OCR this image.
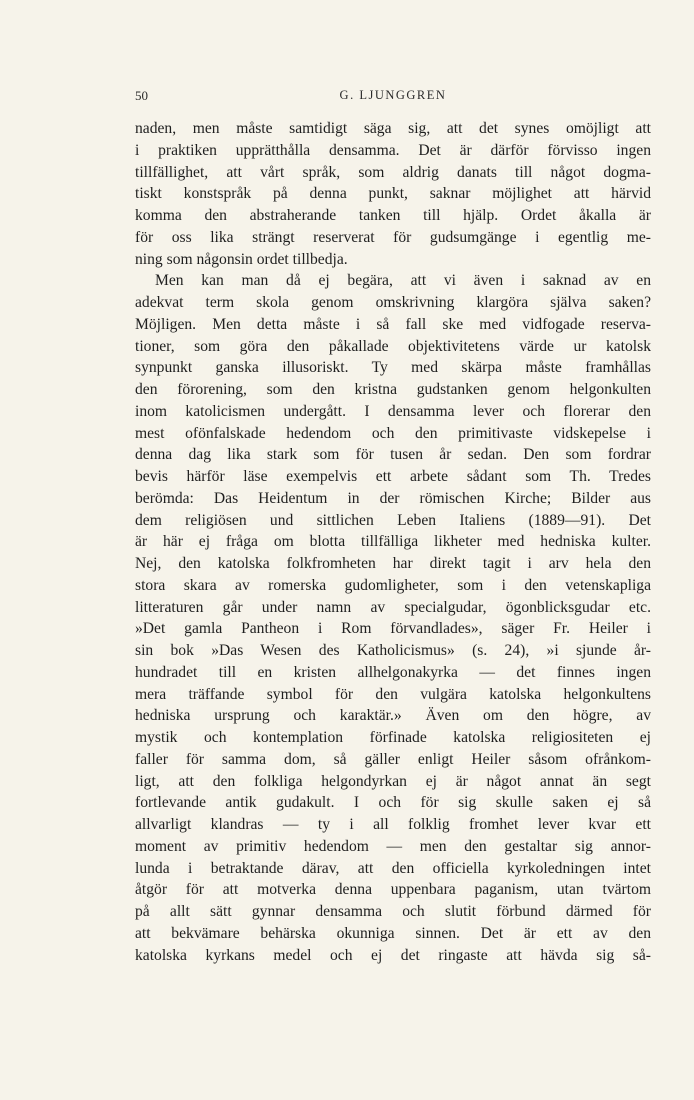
50	G. LJUNGGREN
naden, men måste samtidigt säga sig, att det synes omöjligt att
i praktiken upprätthålla densamma. Det är därför förvisso ingen
tillfällighet, att vårt språk, som aldrig danats till något dogma-
tiskt konstspråk på denna punkt, saknar möjlighet att härvid
komma den abstraherande tanken till hjälp. Ordet åkalla är
för oss lika strängt reserverat för gudsumgänge i egentlig me-
ning som någonsin ordet tillbedja.
Men kan man då ej begära, att vi även i saknad av en
adekvat term skola genom omskrivning klargöra själva saken?
Möjligen. Men detta måste i så fall ske med vidfogade reserva-
tioner, som göra den påkallade objektivitetens värde ur katolsk
synpunkt ganska illusoriskt. Ty med skärpa måste framhållas
den förorening, som den kristna gudstanken genom helgonkulten
inom katolicismen undergått. I densamma lever och florerar den
mest ofönfalskade hedendom och den primitivaste vidskepelse i
denna dag lika stark som för tusen år sedan. Den som fordrar
bevis härför läse exempelvis ett arbete sådant som Th. Tredes
berömda: Das Heidentum in der römischen Kirche; Bilder aus
dem religiösen und sittlichen Leben Italiens (1889—91). Det
är här ej fråga om blotta tillfälliga likheter med hedniska kulter.
Nej, den katolska folkfromheten har direkt tagit i arv hela den
stora skara av romerska gudomligheter, som i den vetenskapliga
litteraturen går under namn av specialgudar, ögonblicksgudar etc.
»Det gamla Pantheon i Rom förvandlades», säger Fr. Heiler i
sin bok »Das Wesen des Katholicismus» (s. 24), »i sjunde år-
hundradet till en kristen allhelgonakyrka — det finnes ingen
mera träffande symbol för den vulgära katolska helgonkultens
hedniska ursprung och karaktär.» Även om den högre, av
mystik och kontemplation förfinade katolska religiositeten ej
faller för samma dom, så gäller enligt Heiler såsom ofrånkom-
ligt, att den folkliga helgondyrkan ej är något annat än segt
fortlevande antik gudakult. I och för sig skulle saken ej så
allvarligt klandras — ty i all folklig fromhet lever kvar ett
moment av primitiv hedendom — men den gestaltar sig annor-
lunda i betraktande därav, att den officiella kyrkoledningen intet
åtgör för att motverka denna uppenbara paganism, utan tvärtom
på allt sätt gynnar densamma och slutit förbund därmed för
att bekvämare behärska okunniga sinnen. Det är ett av den
katolska kyrkans medel och ej det ringaste att hävda sig så-
